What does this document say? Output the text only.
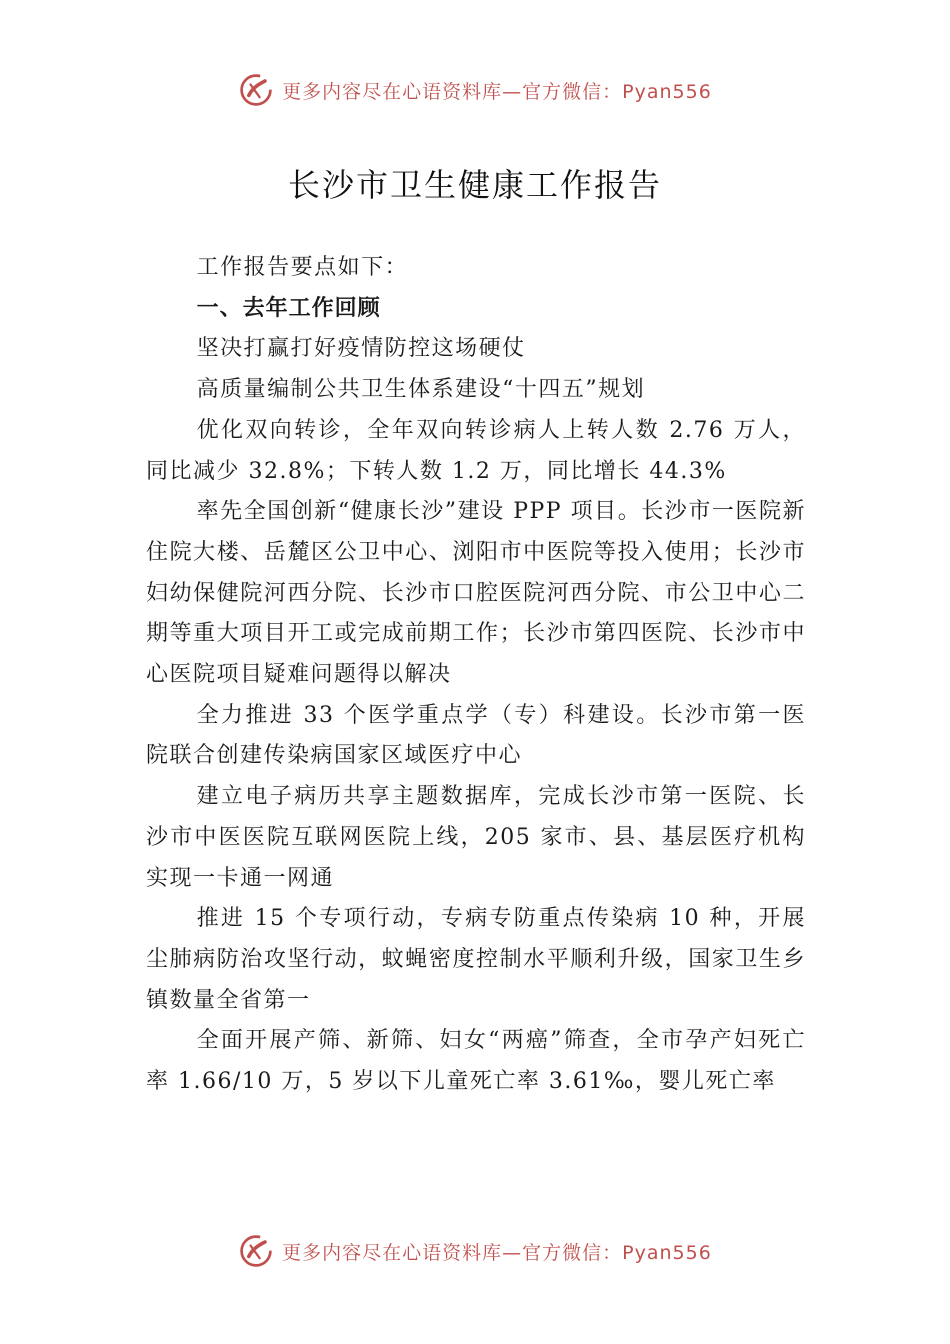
更多内容尽在心语资料库—官方微信：Pyan556
长沙市卫生健康工作报告

工作报告要点如下：

一、去年工作回顾

坚决打赢打好疫情防控这场硬仗

高质量编制公共卫生体系建设“十四五”规划

优化双向转诊，全年双向转诊病人上转人数 2.76 万人，同比减少 32.8%；下转人数 1.2 万，同比增长 44.3%

率先全国创新“健康长沙”建设 PPP 项目。长沙市一医院新住院大楼、岳麓区公卫中心、浏阳市中医院等投入使用；长沙市妇幼保健院河西分院、长沙市口腔医院河西分院、市公卫中心二期等重大项目开工或完成前期工作；长沙市第四医院、长沙市中心医院项目疑难问题得以解决

全力推进 33 个医学重点学（专）科建设。长沙市第一医院联合创建传染病国家区域医疗中心

建立电子病历共享主题数据库，完成长沙市第一医院、长沙市中医医院互联网医院上线，205 家市、县、基层医疗机构实现一卡通一网通

推进 15 个专项行动，专病专防重点传染病 10 种，开展尘肺病防治攻坚行动，蚊蝇密度控制水平顺利升级，国家卫生乡镇数量全省第一

全面开展产筛、新筛、妇女“两癌”筛查，全市孕产妇死亡率 1.66/10 万，5 岁以下儿童死亡率 3.61‰，婴儿死亡率

更多内容尽在心语资料库—官方微信：Pyan556
